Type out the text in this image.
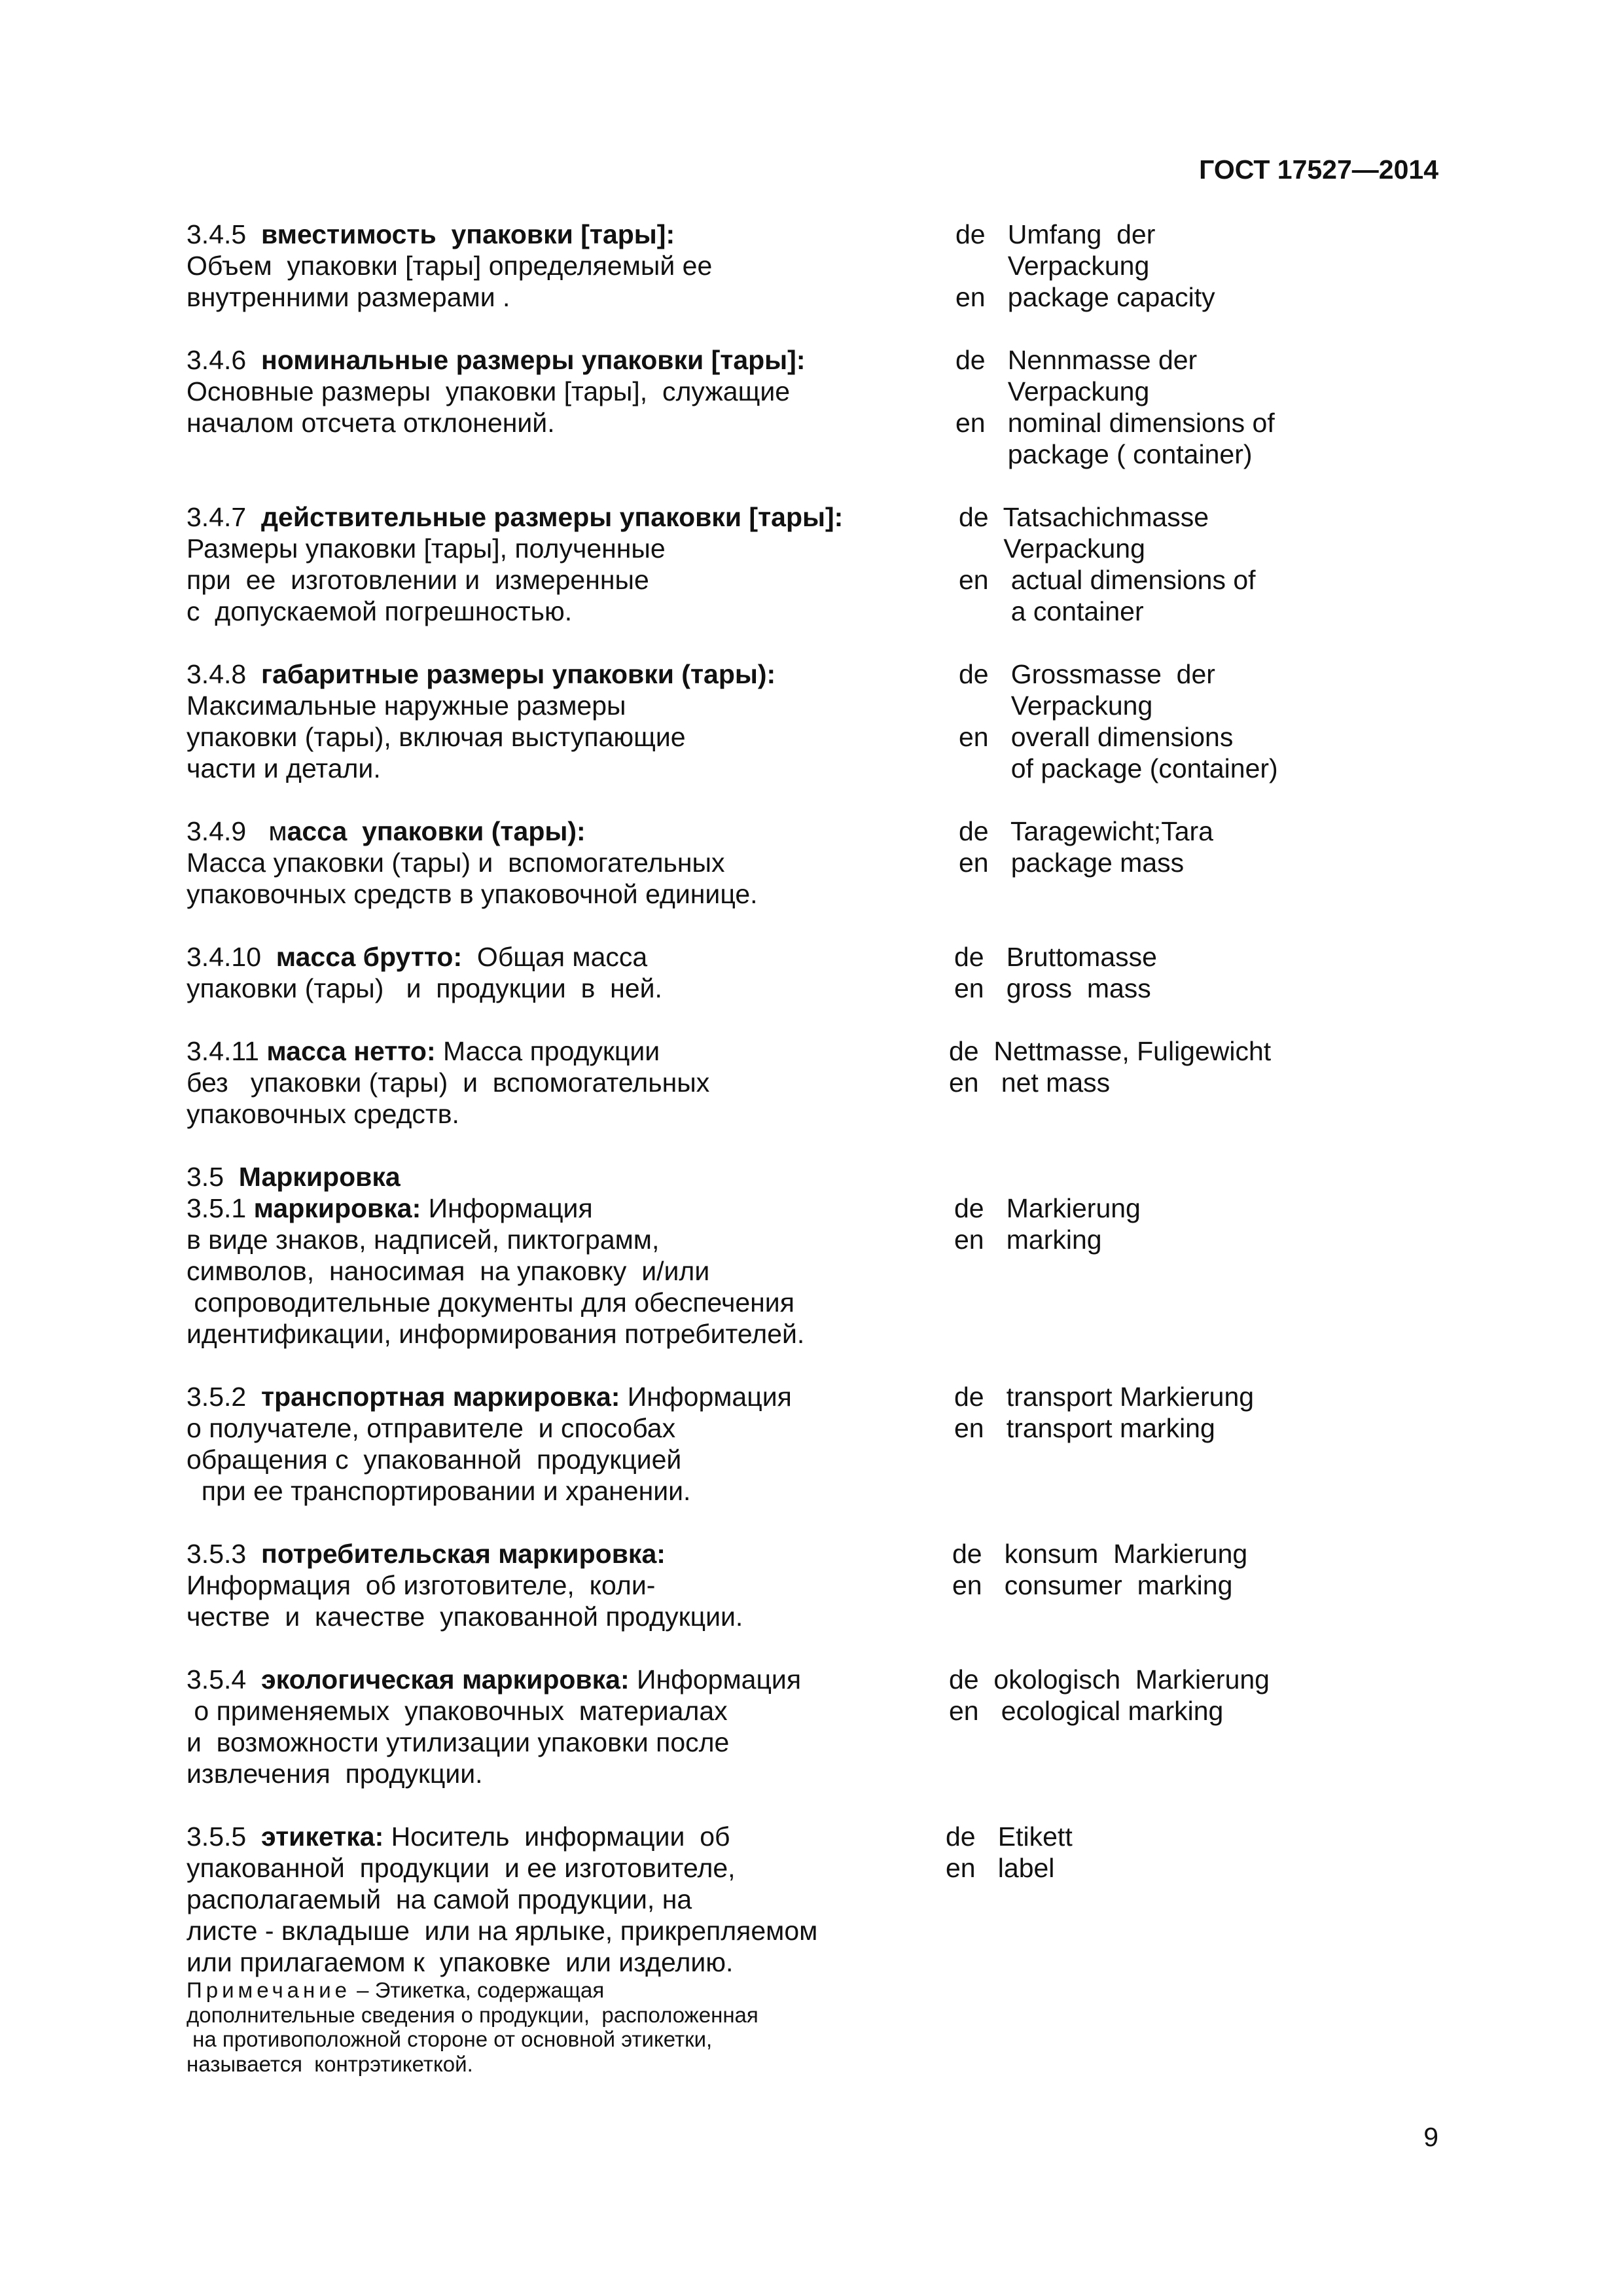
ГОСТ 17527—2014
3.4.5 вместимость  упаковки [тары]:
Объем  упаковки [тары] определяемый ее
внутренними размерами .
de   Umfang  der
Verpackung
en   package capacity
3.4.6 номинальные размеры упаковки [тары]:
Основные размеры  упаковки [тары],  служащие
началом отсчета отклонений.
de   Nennmasse der
Verpackung
en   nominal dimensions of
package ( container)
3.4.7 действительные размеры упаковки [тары]:
Размеры упаковки [тары], полученные
при  ее  изготовлении и  измеренные
с  допускаемой погрешностью.
de  Tatsachichmasse
Verpackung
en   actual dimensions of
a container
3.4.8 габаритные размеры упаковки (тары):
Максимальные наружные размеры
упаковки (тары), включая выступающие
части и детали.
de   Grossmasse  der
Verpackung
en   overall dimensions
of package (container)
3.4.9 масса  упаковки (тары):
Масса упаковки (тары) и  вспомогательных
упаковочных средств в упаковочной единице.
de   Taragewicht;Tara
en   package mass
3.4.10 масса брутто:  Общая масса
упаковки (тары)   и  продукции  в  ней.
de   Bruttomasse
en   gross  mass
3.4.11 масса нетто: Масса продукции
без   упаковки (тары)  и  вспомогательных
упаковочных средств.
de  Nettmasse, Fuligewicht
en   net mass
3.5 Маркировка
3.5.1 маркировка: Информация
в виде знаков, надписей, пиктограмм,
символов,  наносимая  на упаковку  и/или
сопроводительные документы для обеспечения
идентификации, информирования потребителей.
de   Markierung
en   marking
3.5.2 транспортная маркировка: Информация
о получателе, отправителе  и способах
обращения с  упакованной  продукцией
при ее транспортировании и хранении.
de   transport Markierung
en   transport marking
3.5.3 потребительская маркировка:
Информация  об изготовителе,  коли-
честве  и  качестве  упакованной продукции.
de   konsum  Markierung
en   consumer  marking
3.5.4 экологическая маркировка: Информация
о применяемых  упаковочных  материалах
и  возможности утилизации упаковки после
извлечения  продукции.
de  okologisch  Markierung
en   ecological marking
3.5.5 этикетка: Носитель  информации  об
упакованной  продукции  и ее изготовителе,
располагаемый  на самой продукции, на
листе - вкладыше  или на ярлыке, прикрепляемом
или прилагаемом к  упаковке  или изделию.
Примечание – Этикетка, содержащая
дополнительные сведения о продукции,  расположенная
на противоположной стороне от основной этикетки,
называется  контрэтикеткой.
de   Etikett
en   label
9
